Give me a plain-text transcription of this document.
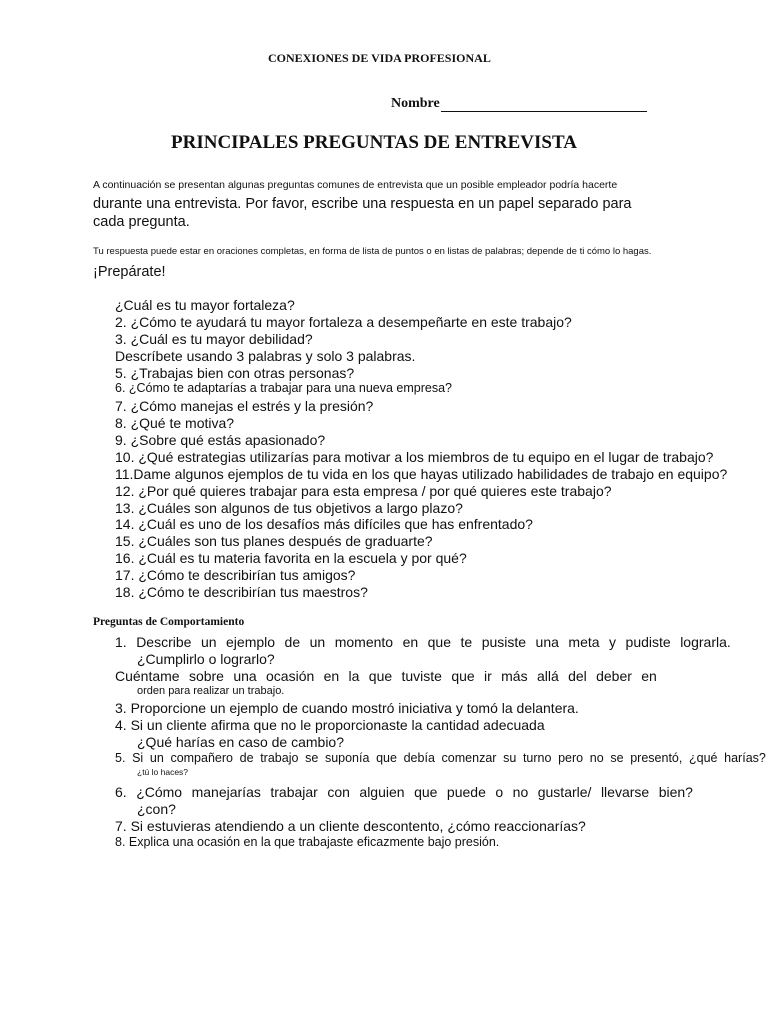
CONEXIONES DE VIDA PROFESIONAL
Nombre
PRINCIPALES PREGUNTAS DE ENTREVISTA
A continuación se presentan algunas preguntas comunes de entrevista que un posible empleador podría hacerte
durante una entrevista. Por favor, escribe una respuesta en un papel separado para
cada pregunta.
Tu respuesta puede estar en oraciones completas, en forma de lista de puntos o en listas de palabras; depende de ti cómo lo hagas.
¡Prepárate!
¿Cuál es tu mayor fortaleza?
2. ¿Cómo te ayudará tu mayor fortaleza a desempeñarte en este trabajo?
3. ¿Cuál es tu mayor debilidad?
Descríbete usando 3 palabras y solo 3 palabras.
5. ¿Trabajas bien con otras personas?
6. ¿Cómo te adaptarías a trabajar para una nueva empresa?
7. ¿Cómo manejas el estrés y la presión?
8. ¿Qué te motiva?
9. ¿Sobre qué estás apasionado?
10. ¿Qué estrategias utilizarías para motivar a los miembros de tu equipo en el lugar de trabajo?
11.Dame algunos ejemplos de tu vida en los que hayas utilizado habilidades de trabajo en equipo?
12. ¿Por qué quieres trabajar para esta empresa / por qué quieres este trabajo?
13. ¿Cuáles son algunos de tus objetivos a largo plazo?
14. ¿Cuál es uno de los desafíos más difíciles que has enfrentado?
15. ¿Cuáles son tus planes después de graduarte?
16. ¿Cuál es tu materia favorita en la escuela y por qué?
17. ¿Cómo te describirían tus amigos?
18. ¿Cómo te describirían tus maestros?
Preguntas de Comportamiento
1. Describe un ejemplo de un momento en que te pusiste una meta y pudiste lograrla.
¿Cumplirlo o lograrlo?
Cuéntame sobre una ocasión en la que tuviste que ir más allá del deber en
orden para realizar un trabajo.
3. Proporcione un ejemplo de cuando mostró iniciativa y tomó la delantera.
4. Si un cliente afirma que no le proporcionaste la cantidad adecuada
¿Qué harías en caso de cambio?
5. Si un compañero de trabajo se suponía que debía comenzar su turno pero no se presentó, ¿qué harías?
¿tú lo haces?
6. ¿Cómo manejarías trabajar con alguien que puede o no gustarle/ llevarse bien?
¿con?
7. Si estuvieras atendiendo a un cliente descontento, ¿cómo reaccionarías?
8. Explica una ocasión en la que trabajaste eficazmente bajo presión.
